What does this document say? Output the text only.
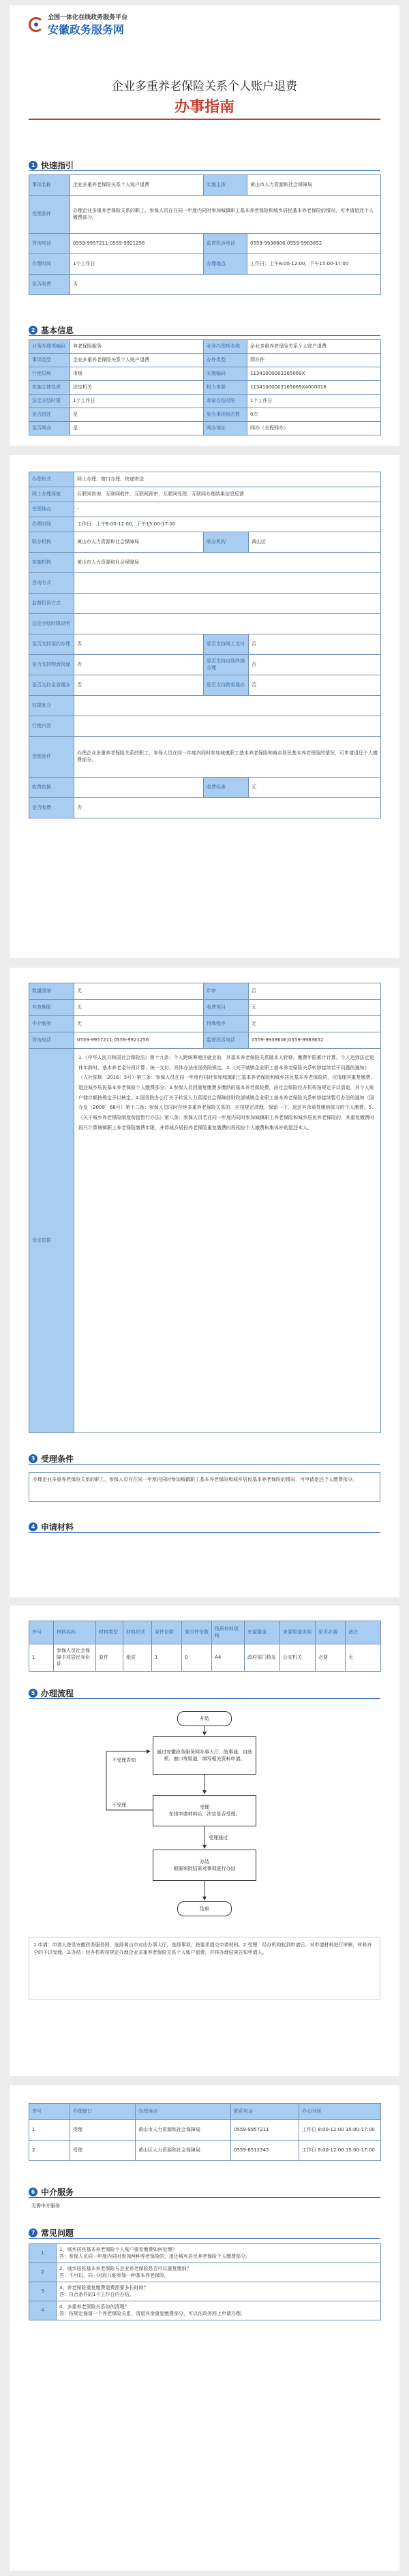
全国一体化在线政务服务平台
安徽政务服务网
企业多重养老保险关系个人账户退费
办事指南
1 快速指引
事项名称	企业多重养老保险关系个人账户退费	实施主体	黄山市人力资源和社会保障局
受理条件	办理企业多重养老保险关系的职工，参保人员存在同一年度内同时参加城镇职工基本养老保险和城乡居民基本养老保险的情况，可申请退还个人缴费部分。		
咨询电话	0559-9957211;0559-9921256	监督投诉电话	0559-9938606;0559-9983652
办理时间	1个工作日	办理地点	工作日：上午8:00-12:00，下午15:00-17:00
是否收费	否		
2 基本信息
业务办理项编码	养老保险服务	业务办理项名称	企业多重养老保险关系个人账户退费
事项类型	企业多重养老保险关系个人账户退费	办件类型	即办件
行使层级	市级	实施编码	11341000003165069X
实施主体性质	法定机关	权力来源	11341000003165069X4000016
法定办结时限	1个工作日	承诺办结时限	1个工作日
是否进驻	是	到办事现场次数	0次
是否网办	是	网办地址	网办（全程网办）
办理形式	网上办理、窗口办理、快递寄送		
网上办理深度	互联网咨询，互联网收件，互联网预审，互联网受理，互联网办理结果信息反馈		
受理地点	-		
办理时间	工作日：上午8:00-12:00，下午15:00-17:00		
联办机构	黄山市人力资源和社会保障局	联办机构	黄山区
实施机构	黄山市人力资源和社会保障局		
咨询方式			
监督投诉方式			
法定办结时限说明			
是否支持预约办理	否	是否支持网上支付	否
是否支持物流快递	否	是否支持自助终端办理	否
是否支持全省通办	否	是否支持跨省通办	否
权限划分			
行使内容			
受理条件	办理企业多重养老保险关系的职工，参保人员在同一年度内同时参加城镇职工基本养老保险和城乡居民基本养老保险的情况，可申请退还个人缴费部分。		
收费依据		收费标准	无
是否收费	否		
数量限制	无	年审	否
有效期限	无	收费项目	无
中介服务	无	特殊程序	无
咨询电话	0559-9957211;0559-9921256	监督投诉电话	0559-9938606;0559-9983652
设定依据	1.《中华人民共和国社会保险法》第十九条：个人跨统筹地区就业的，其基本养老保险关系随本人转移，缴费年限累计计算。个人达到法定退休年龄时，基本养老金分段计算、统一支付。具体办法由国务院规定。2.《关于城镇企业职工基本养老保险关系转移接续若干问题的通知》（人社部规〔2016〕5号）第三条：参保人员在同一年度内同时参加城镇职工基本养老保险和城乡居民基本养老保险的，应清理其重复缴费，退还城乡居民基本养老保险个人缴费部分。3.参保人员因重复缴费多缴纳的基本养老保险费，由社会保险经办机构按规定予以清退，其个人账户储存额按规定予以核定。4.国务院办公厅关于转发人力资源社会保障部财政部城镇企业职工基本养老保险关系转移接续暂行办法的通知（国办发〔2009〕66号）第十二条：参保人员同时存续多重养老保险关系的，应按规定清理，保留一个，退还其余重复缴纳部分的个人缴费。5.《关于城乡养老保险制度衔接暂行办法》第八条：参保人员若在同一年度内同时参加城镇职工养老保险和城乡居民养老保险的，其重复缴费时段只计算城镇职工养老保险缴费年限，并将城乡居民养老保险重复缴费时段相应个人缴费和集体补助退还本人。		
3 受理条件
办理企业多重养老保险关系的职工，参保人员存在同一年度内同时参加城镇职工基本养老保险和城乡居民基本养老保险的情况，可申请退还个人缴费部分。
4 申请材料
序号	材料名称	材料类型	材料形式	原件份数	复印件份数	纸质材料规格	来源渠道	来源渠道说明	是否必需	备注
1	参保人员社会保障卡或居民身份证	原件	纸质	1	0	A4	政府部门核发	公安机关	必要	无
5 办理流程
开始
通过安徽政务服务网办事大厅、皖事通、自助机、窗口等渠道，填写相关资料申请。
受理
在线申请材料后，决定是否受理。
不受理
不受理告知
受理通过
办结
根据审批结果对事项进行办结
结束
1.申请：申请人登录安徽政务服务网，选择黄山市对应办事大厅，选择事项，按要求提交申请材料。2.受理：经办机构收到申请后，对申请材料进行审核，材料齐全的予以受理。3.办结：经办机构按规定办理企业多重养老保险关系个人账户退费，并将办理结果告知申请人。
序号	办理窗口	办理地点	联系电话	办公时间
1	受理	黄山市人力资源和社会保障局	0559-9957211	工作日 8:00-12:00 15:00-17:00
2	受理	黄山区人力资源和社会保障局	0559-8512345	工作日 8:00-12:00 15:00-17:00
6 中介服务
无需中介服务
7 常见问题
1	1、城乡居民基本养老保险个人账户重复缴费如何处理？
答：参保人员同一年度内同时参加两种养老保险的，退还城乡居民养老保险个人缴费部分。

2	2、城乡居民基本养老保险与企业养老保险是否可以重复缴纳？
答：不可以，同一时段只能参加一种基本养老保险。

3	3、养老保险重复缴费退费需要多长时间？
答：符合条件的1个工作日内办结。

4	4、多重养老保险关系如何清理？
答：按规定保留一个养老保险关系，清退其余重复缴费部分，可以在政务网上申请办理。
